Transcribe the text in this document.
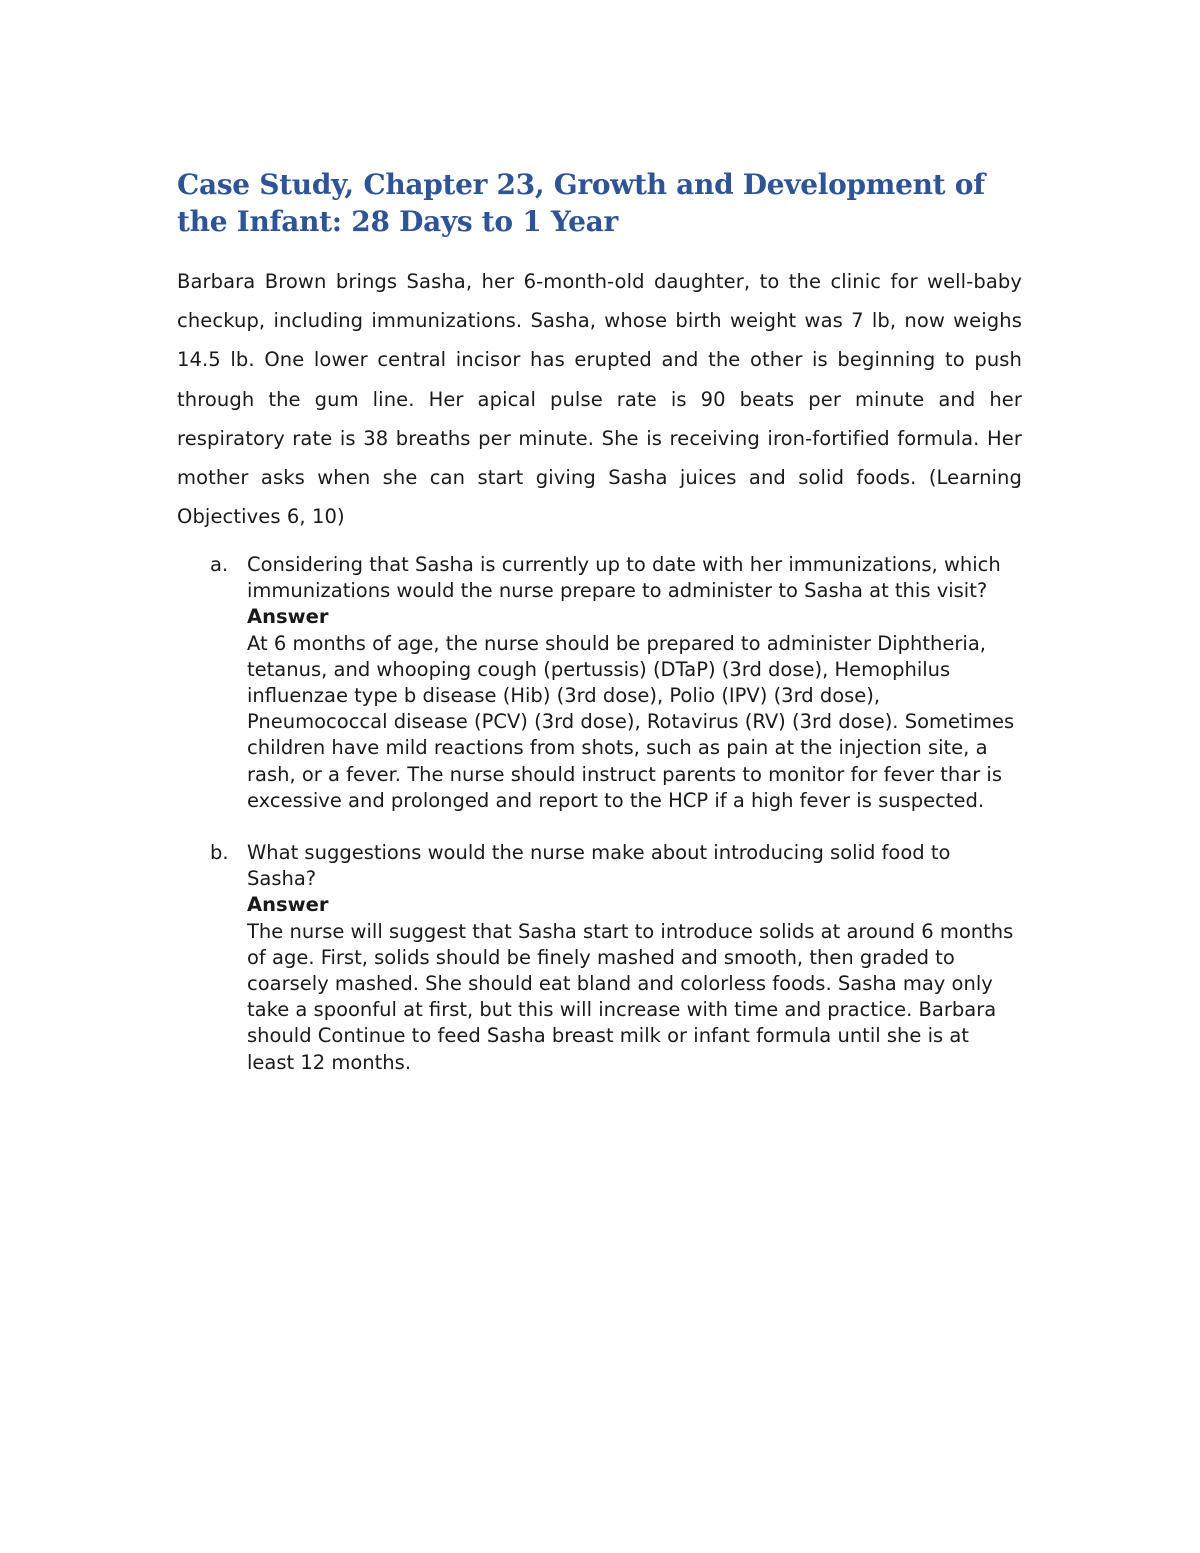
Case Study, Chapter 23, Growth and Development of the Infant: 28 Days to 1 Year

Barbara Brown brings Sasha, her 6-month-old daughter, to the clinic for well-baby checkup, including immunizations. Sasha, whose birth weight was 7 lb, now weighs 14.5 lb. One lower central incisor has erupted and the other is beginning to push through the gum line. Her apical pulse rate is 90 beats per minute and her respiratory rate is 38 breaths per minute. She is receiving iron-fortified formula. Her mother asks when she can start giving Sasha juices and solid foods. (Learning Objectives 6, 10)

a. Considering that Sasha is currently up to date with her immunizations, which immunizations would the nurse prepare to administer to Sasha at this visit?
Answer
At 6 months of age, the nurse should be prepared to administer Diphtheria, tetanus, and whooping cough (pertussis) (DTaP) (3rd dose), Hemophilus influenzae type b disease (Hib) (3rd dose), Polio (IPV) (3rd dose), Pneumococcal disease (PCV) (3rd dose), Rotavirus (RV) (3rd dose). Sometimes children have mild reactions from shots, such as pain at the injection site, a rash, or a fever. The nurse should instruct parents to monitor for fever thar is excessive and prolonged and report to the HCP if a high fever is suspected.
b. What suggestions would the nurse make about introducing solid food to Sasha?
Answer
The nurse will suggest that Sasha start to introduce solids at around 6 months of age. First, solids should be finely mashed and smooth, then graded to coarsely mashed. She should eat bland and colorless foods. Sasha may only take a spoonful at first, but this will increase with time and practice. Barbara should Continue to feed Sasha breast milk or infant formula until she is at least 12 months.
